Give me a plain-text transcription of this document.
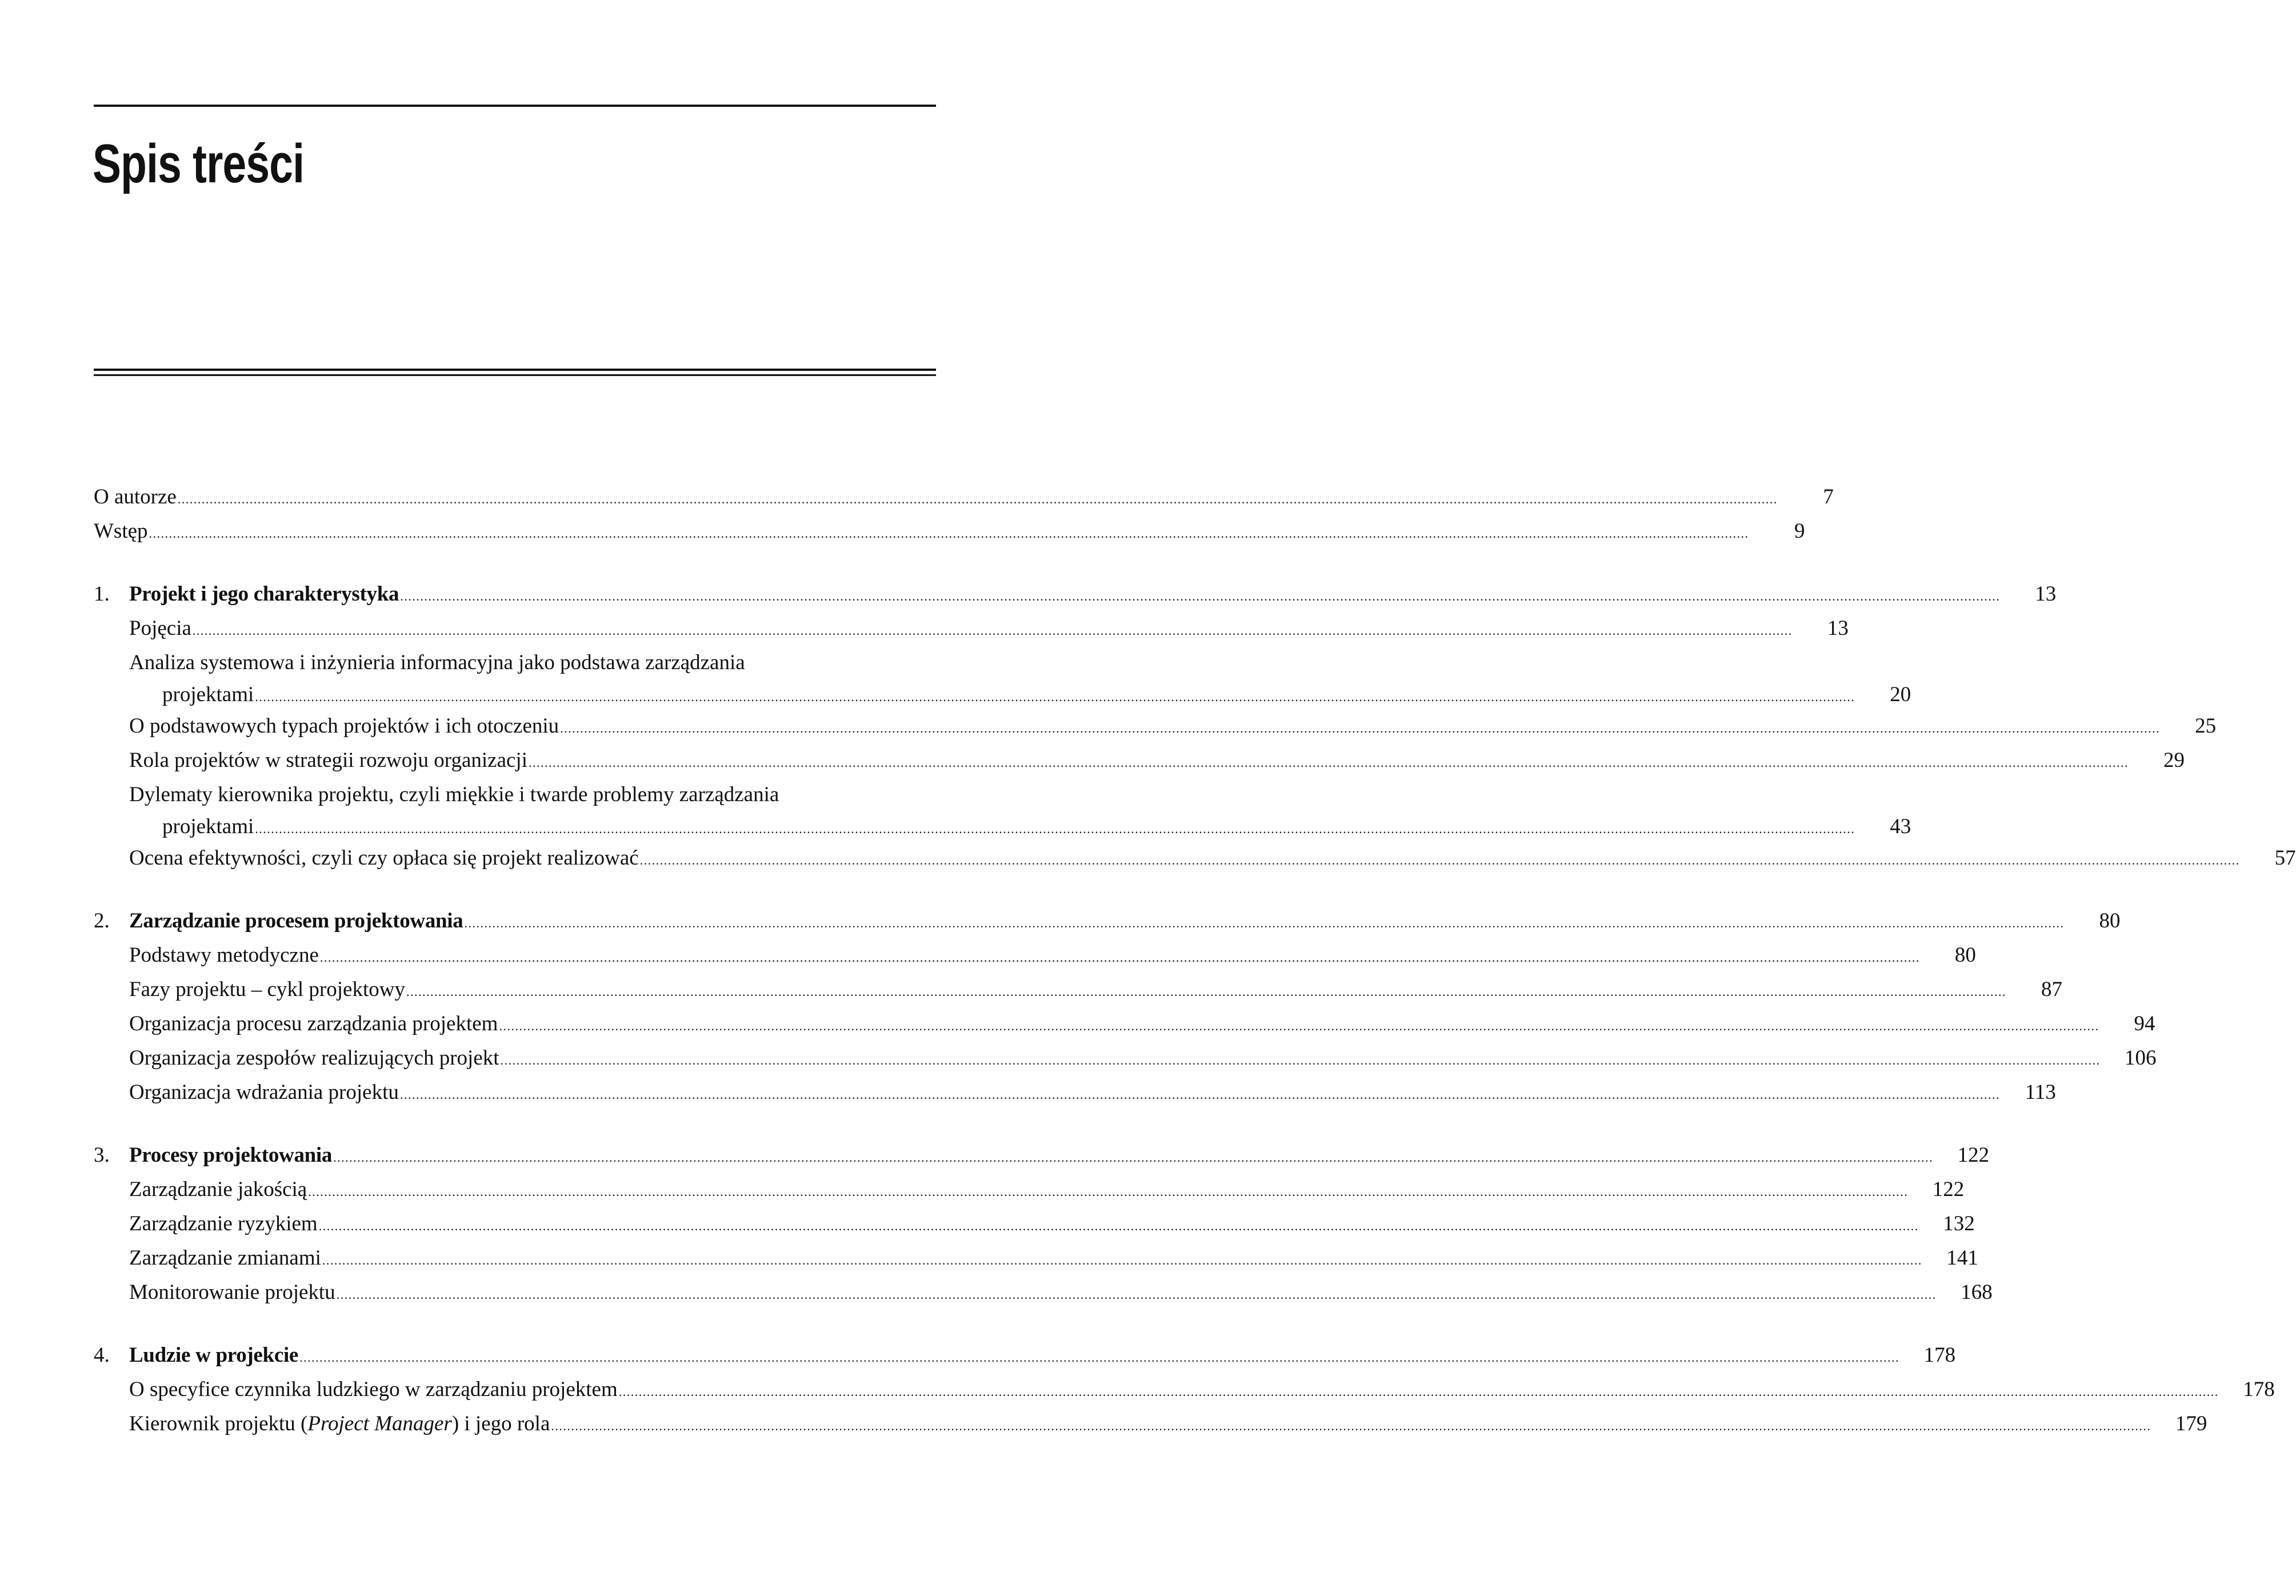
Spis treści
O autorze ................................................................................................................................................................................................................................................................................................................................................................................................................	7
Wstęp ................................................................................................................................................................................................................................................................................................................................................................................................................	9
1. Projekt i jego charakterystyka ................................................................................................................................................................................................................................................................................................................................................................................................................	13
Pojęcia ................................................................................................................................................................................................................................................................................................................................................................................................................	13
Analiza systemowa i inżynieria informacyjna jako podstawa zarządzania
projektami ................................................................................................................................................................................................................................................................................................................................................................................................................	20
O podstawowych typach projektów i ich otoczeniu ................................................................................................................................................................................................................................................................................................................................................................................................................	25
Rola projektów w strategii rozwoju organizacji ................................................................................................................................................................................................................................................................................................................................................................................................................	29
Dylematy kierownika projektu, czyli miękkie i twarde problemy zarządzania
projektami ................................................................................................................................................................................................................................................................................................................................................................................................................	43
Ocena efektywności, czyli czy opłaca się projekt realizować ................................................................................................................................................................................................................................................................................................................................................................................................................	57
2. Zarządzanie procesem projektowania ................................................................................................................................................................................................................................................................................................................................................................................................................	80
Podstawy metodyczne ................................................................................................................................................................................................................................................................................................................................................................................................................	80
Fazy projektu – cykl projektowy ................................................................................................................................................................................................................................................................................................................................................................................................................	87
Organizacja procesu zarządzania projektem ................................................................................................................................................................................................................................................................................................................................................................................................................	94
Organizacja zespołów realizujących projekt ................................................................................................................................................................................................................................................................................................................................................................................................................	106
Organizacja wdrażania projektu ................................................................................................................................................................................................................................................................................................................................................................................................................	113
3. Procesy projektowania ................................................................................................................................................................................................................................................................................................................................................................................................................	122
Zarządzanie jakością ................................................................................................................................................................................................................................................................................................................................................................................................................	122
Zarządzanie ryzykiem ................................................................................................................................................................................................................................................................................................................................................................................................................	132
Zarządzanie zmianami ................................................................................................................................................................................................................................................................................................................................................................................................................	141
Monitorowanie projektu ................................................................................................................................................................................................................................................................................................................................................................................................................	168
4. Ludzie w projekcie ................................................................................................................................................................................................................................................................................................................................................................................................................	178
O specyfice czynnika ludzkiego w zarządzaniu projektem ................................................................................................................................................................................................................................................................................................................................................................................................................	178
Kierownik projektu (Project Manager) i jego rola ................................................................................................................................................................................................................................................................................................................................................................................................................	179
